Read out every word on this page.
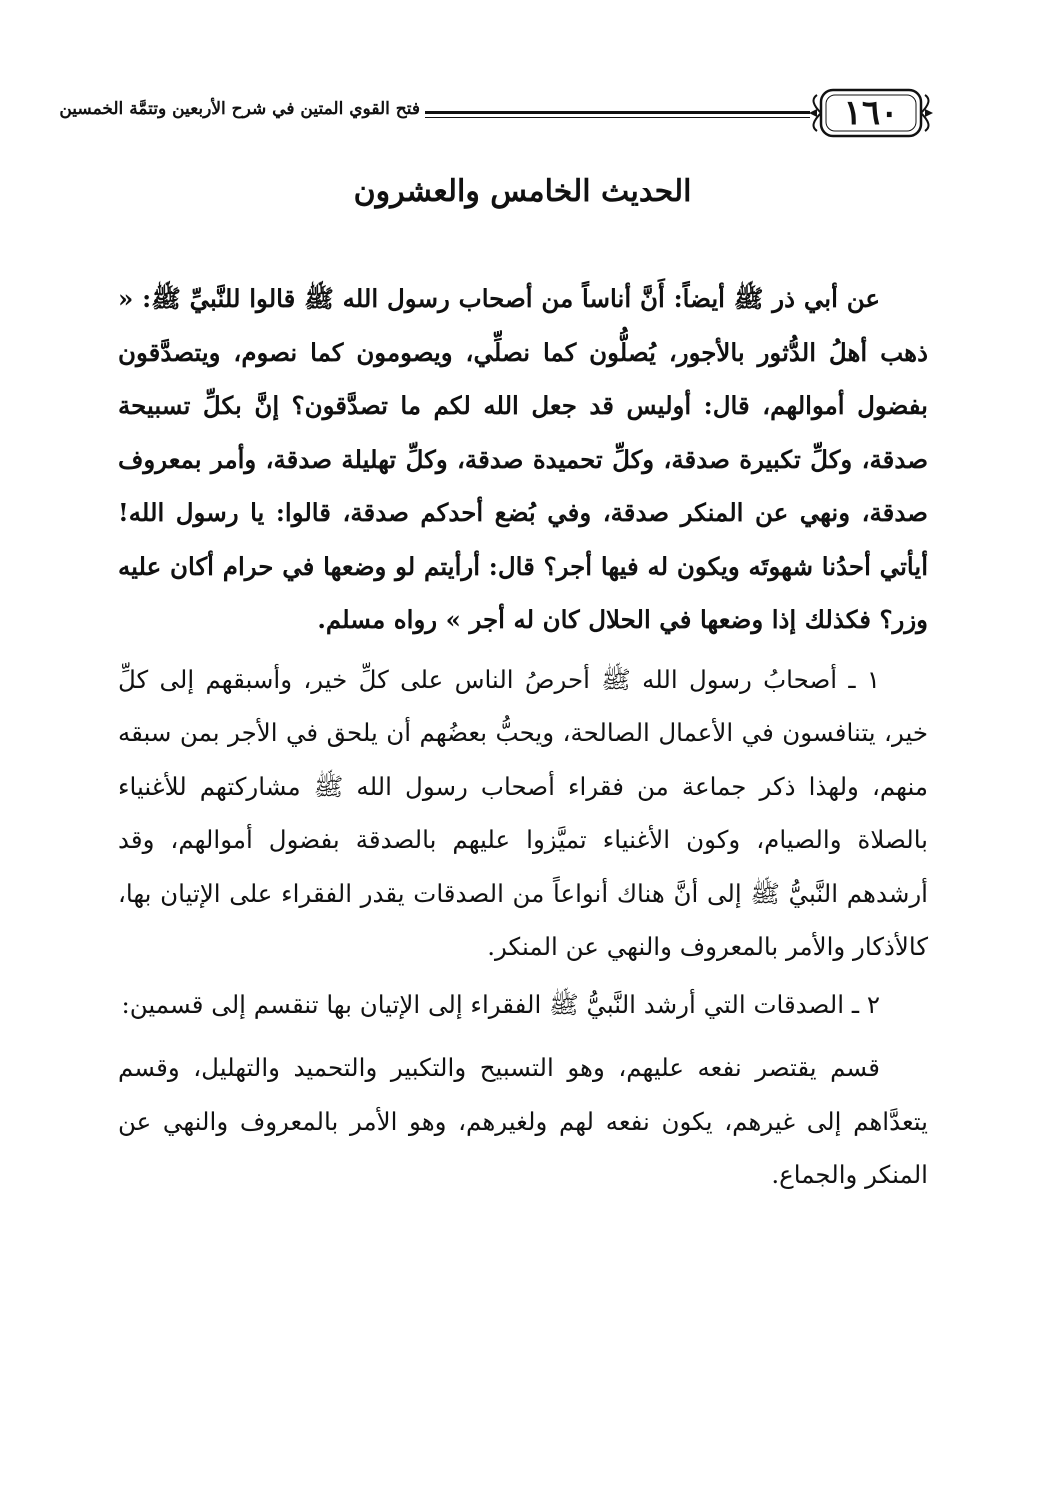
١٦٠
فتح القوي المتين في شرح الأربعين وتتمَّة الخمسين
الحديث الخامس والعشرون

عن أبي ذر ﷺ أيضاً: أَنَّ أناساً من أصحاب رسول الله ﷺ قالوا للنَّبيِّ ﷺ: « ذهب أهلُ الدُّثور بالأجور، يُصلُّون كما نصلِّي، ويصومون كما نصوم، ويتصدَّقون بفضول أموالهم، قال: أوليس قد جعل الله لكم ما تصدَّقون؟ إنَّ بكلِّ تسبيحة صدقة، وكلِّ تكبيرة صدقة، وكلِّ تحميدة صدقة، وكلِّ تهليلة صدقة، وأمر بمعروف صدقة، ونهي عن المنكر صدقة، وفي بُضع أحدكم صدقة، قالوا: يا رسول الله! أيأتي أحدُنا شهوتَه ويكون له فيها أجر؟ قال: أرأيتم لو وضعها في حرام أكان عليه وزر؟ فكذلك إذا وضعها في الحلال كان له أجر » رواه مسلم.

١ ـ أصحابُ رسول الله ﷺ أحرصُ الناس على كلِّ خير، وأسبقهم إلى كلِّ خير، يتنافسون في الأعمال الصالحة، ويحبُّ بعضُهم أن يلحق في الأجر بمن سبقه منهم، ولهذا ذكر جماعة من فقراء أصحاب رسول الله ﷺ مشاركتهم للأغنياء بالصلاة والصيام، وكون الأغنياء تميَّزوا عليهم بالصدقة بفضول أموالهم، وقد أرشدهم النَّبيُّ ﷺ إلى أنَّ هناك أنواعاً من الصدقات يقدر الفقراء على الإتيان بها، كالأذكار والأمر بالمعروف والنهي عن المنكر.

٢ ـ الصدقات التي أرشد النَّبيُّ ﷺ الفقراء إلى الإتيان بها تنقسم إلى قسمين:

قسم يقتصر نفعه عليهم، وهو التسبيح والتكبير والتحميد والتهليل، وقسم يتعدَّاهم إلى غيرهم، يكون نفعه لهم ولغيرهم، وهو الأمر بالمعروف والنهي عن المنكر والجماع.
